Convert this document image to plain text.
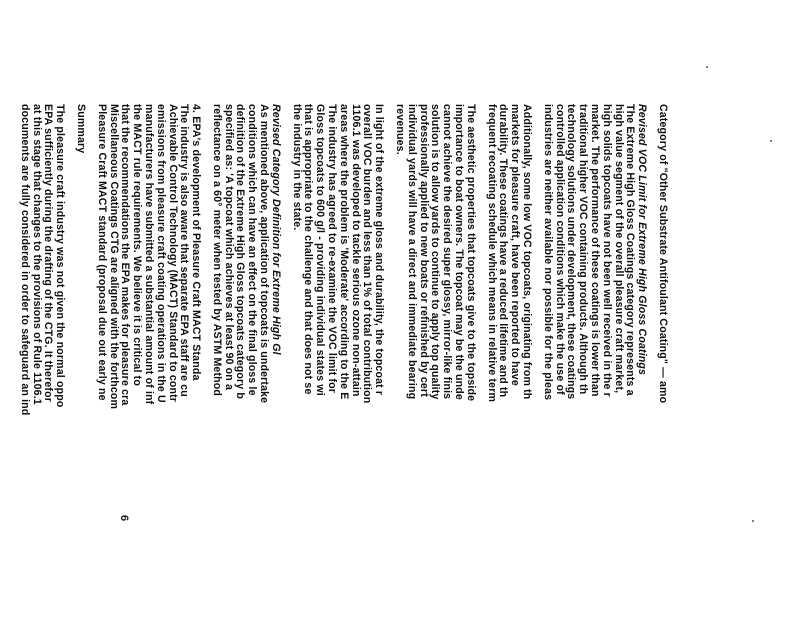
Category of "Other Substrate Antifoulant Coating" — amo
Revised VOC Limit for Extreme High Gloss Coatings
The Extreme High Gloss Coatings category represents a
high value segment of the overall pleasure craft market,
high solids topcoats have not been well received in the r
market. The performance of these coatings is lower than
traditional higher VOC containing products. Although th
technology solutions under development, these coatings
controlled application conditions which make the use of
industries are neither available nor possible for the pleas
Additionally, some low VOC topcoats, originating from th
markets for pleasure craft, have been reported to have
durability. These coatings have a reduced lifetime and th
frequent recoating schedule which means in relative term
The aesthetic properties that topcoats give to the topside
importance to boat owners. The topcoat may be the unde
cannot achieve the desired super glossy, mirror-like finis
solution is to allow yards to continue to apply top quality
professionally applied to new boats or refinished by cert
individual yards will have a direct and immediate bearing
revenues.
In light of the extreme gloss and durability, the topcoat r
overall VOC burden and less than 1% of total contribution
1106.1 was developed to tackle serious ozone non-attain
areas where the problem is 'Moderate' according to the E
The industry has agreed to re-examine the VOC limit for
Gloss topcoats to 600 g/l - providing individual states wi
that is appropriate to the challenge and that does not se
the industry in the state.
Revised Category Definition for Extreme High Gl
As mentioned above, application of topcoats is undertake
conditions which can have an effect on the final gloss le
definition of the Extreme High Gloss topcoats category b
specified as: 'A topcoat which achieves at least 90 on a
reflectance on a 60° meter when tested by ASTM Method
4. EPA's development of Pleasure Craft MACT Standa
The industry is also aware that separate EPA staff are cu
Achievable Control Technology (MACT) Standard to contr
emissions from pleasure craft coating operations in the U
manufacturers have submitted a substantial amount of inf
the MACT rule requirements. We believe it is critical to
that the recommendations the EPA makes for pleasure cra
Miscellaneous Coatings CTG are aligned with the forthcom
Pleasure Craft MACT standard (proposal due out early ne
Summary
The pleasure craft industry was not given the normal oppo
EPA sufficiently during the drafting of the CTG. It therefor
at this stage that changes to the provisions of Rule 1106.1
documents are fully considered in order to safeguard an ind
6
